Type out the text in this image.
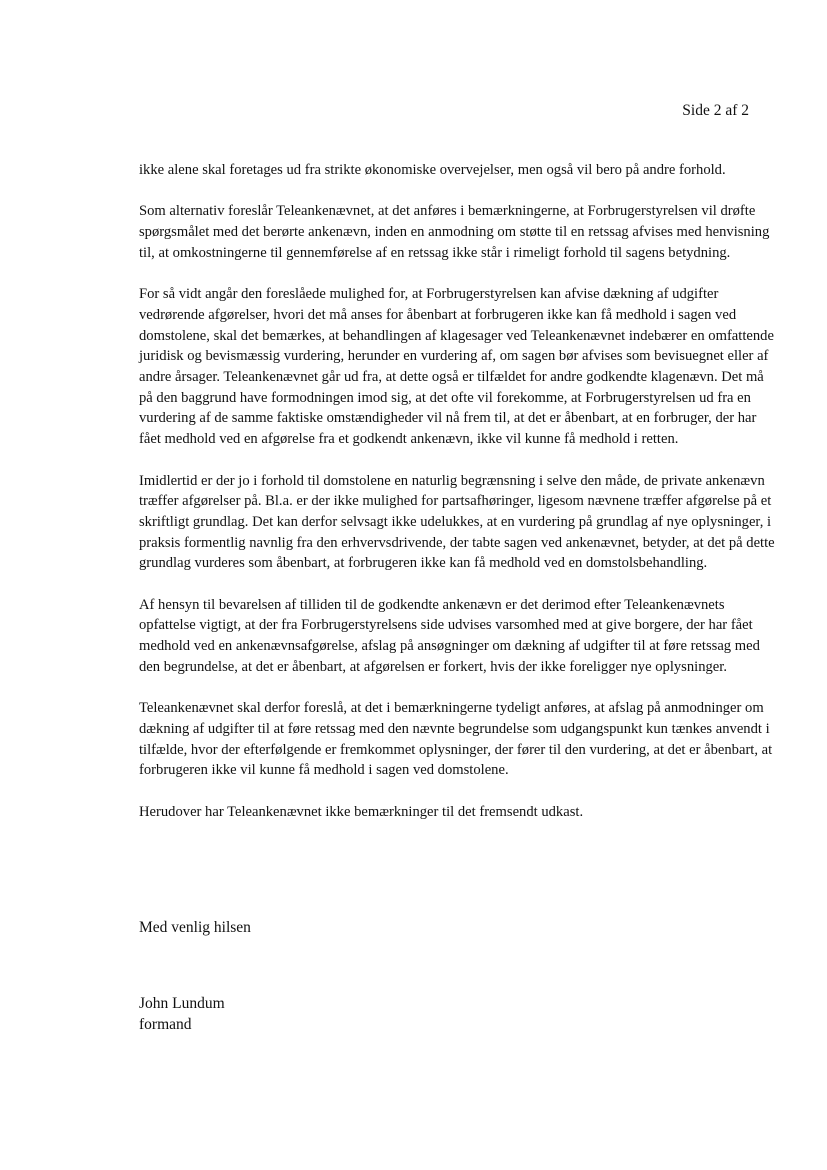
Side 2 af 2

ikke alene skal foretages ud fra strikte økonomiske overvejelser, men også vil bero på andre forhold.

Som alternativ foreslår Teleankenævnet, at det anføres i bemærkningerne, at Forbrugerstyrelsen vil drøfte spørgsmålet med det berørte ankenævn, inden en anmodning om støtte til en retssag afvises med henvisning til, at omkostningerne til gennemførelse af en retssag ikke står i rimeligt forhold til sagens betydning.

For så vidt angår den foreslåede mulighed for, at Forbrugerstyrelsen kan afvise dækning af udgifter vedrørende afgørelser, hvori det må anses for åbenbart at forbrugeren ikke kan få medhold i sagen ved domstolene, skal det bemærkes, at behandlingen af klagesager ved Teleankenævnet indebærer en omfattende juridisk og bevismæssig vurdering, herunder en vurdering af, om sagen bør afvises som bevisuegnet eller af andre årsager. Teleankenævnet går ud fra, at dette også er tilfældet for andre godkendte klagenævn. Det må på den baggrund have formodningen imod sig, at det ofte vil forekomme, at Forbrugerstyrelsen ud fra en vurdering af de samme faktiske omstændigheder vil nå frem til, at det er åbenbart, at en forbruger, der har fået medhold ved en afgørelse fra et godkendt ankenævn, ikke vil kunne få medhold i retten.

Imidlertid er der jo i forhold til domstolene en naturlig begrænsning i selve den måde, de private ankenævn træffer afgørelser på. Bl.a. er der ikke mulighed for partsafhøringer, ligesom nævnene træffer afgørelse på et skriftligt grundlag. Det kan derfor selvsagt ikke udelukkes, at en vurdering på grundlag af nye oplysninger, i praksis formentlig navnlig fra den erhvervsdrivende, der tabte sagen ved ankenævnet, betyder, at det på dette grundlag vurderes som åbenbart, at forbrugeren ikke kan få medhold ved en domstolsbehandling.

Af hensyn til bevarelsen af tilliden til de godkendte ankenævn er det derimod efter Teleankenævnets opfattelse vigtigt, at der fra Forbrugerstyrelsens side udvises varsomhed med at give borgere, der har fået medhold ved en ankenævnsafgørelse, afslag på ansøgninger om dækning af udgifter til at føre retssag med den begrundelse, at det er åbenbart, at afgørelsen er forkert, hvis der ikke foreligger nye oplysninger.

Teleankenævnet skal derfor foreslå, at det i bemærkningerne tydeligt anføres, at afslag på anmodninger om dækning af udgifter til at føre retssag med den nævnte begrundelse som udgangspunkt kun tænkes anvendt i tilfælde, hvor der efterfølgende er fremkommet oplysninger, der fører til den vurdering, at det er åbenbart, at forbrugeren ikke vil kunne få medhold i sagen ved domstolene.

Herudover har Teleankenævnet ikke bemærkninger til det fremsendt udkast.

Med venlig hilsen
John Lundum
formand
